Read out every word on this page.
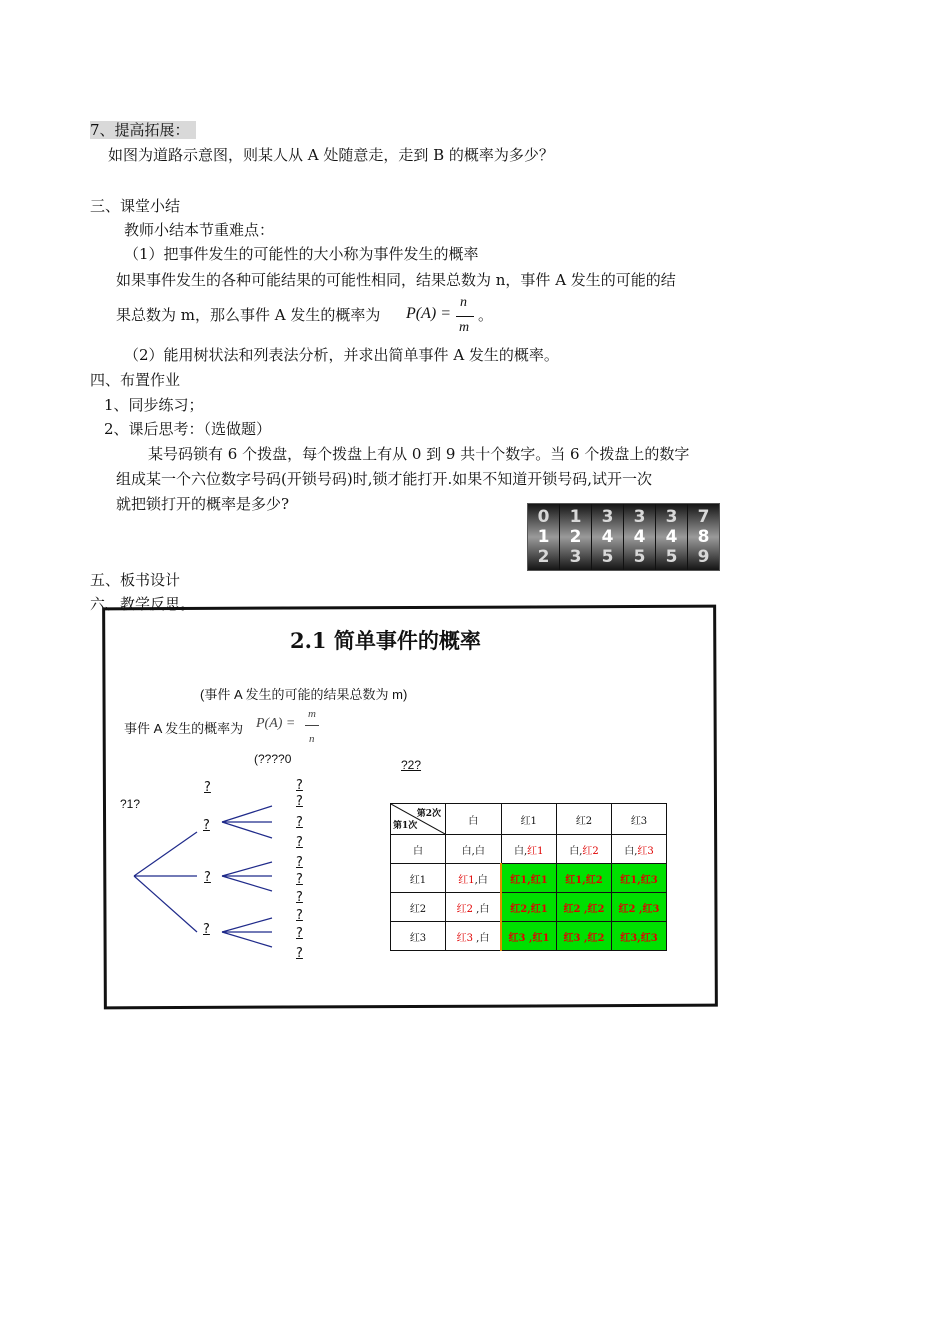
7、提高拓展：
如图为道路示意图，则某人从 A 处随意走，走到 B 的概率为多少？
三、课堂小结
教师小结本节重难点：
（1）把事件发生的可能性的大小称为事件发生的概率
如果事件发生的各种可能结果的可能性相同，结果总数为 n，事件 A 发生的可能的结
果总数为 m，那么事件 A 发生的概率为 P(A) =
n
m
。
（2）能用树状法和列表法分析，并求出简单事件 A 发生的概率。
四、布置作业
1、同步练习；
2、课后思考：（选做题）
某号码锁有 6 个拨盘，每个拨盘上有从 0 到 9 共十个数字。当 6 个拨盘上的数字
组成某一个六位数字号码(开锁号码)时,锁才能打开.如果不知道开锁号码,试开一次
就把锁打开的概率是多少?
0
1
2
1
2
3
3
4
5
3
4
5
3
4
5
7
8
9
五、板书设计
六、教学反思。
2.1 简单事件的概率
(事件 A 发生的可能的结果总数为 m)
事件 A 发生的概率为 P(A) =
m
n
(????0	?2?
?1?
?
?
?
?
?
?
?
?
?
?
?
?
?
?
第2次
第1次	白	红1	红2	红3
白	白,白	白,红1	白,红2	白,红3
红1	红1,白	红1,红1	红1,红2	红1,红3
红2	红2 ,白	红2,红1	红2 ,红2	红2 ,红3
红3	红3 ,白	红3 ,红1	红3 ,红2	红3,红3
